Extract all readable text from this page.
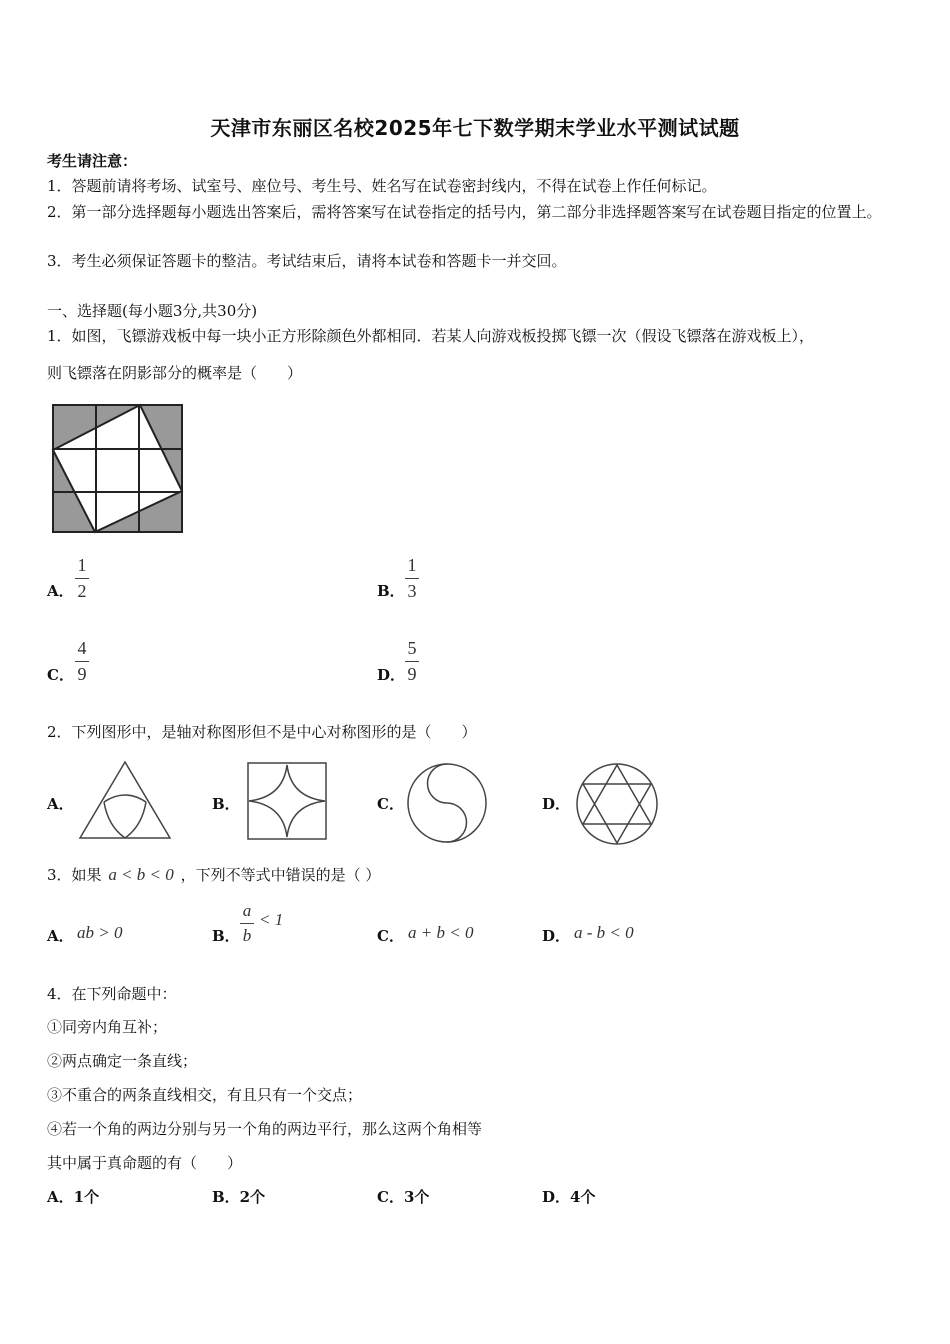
天津市东丽区名校2025年七下数学期末学业水平测试试题
考生请注意：
1．答题前请将考场、试室号、座位号、考生号、姓名写在试卷密封线内，不得在试卷上作任何标记。
2．第一部分选择题每小题选出答案后，需将答案写在试卷指定的括号内，第二部分非选择题答案写在试卷题目指定的位置上。
3．考生必须保证答题卡的整洁。考试结束后，请将本试卷和答题卡一并交回。
一、选择题(每小题3分,共30分)
1．如图，飞镖游戏板中每一块小正方形除颜色外都相同．若某人向游戏板投掷飞镖一次（假设飞镖落在游戏板上），
则飞镖落在阴影部分的概率是（　　）
A．
1
2	B．
1
3
C．
4
9	D．
5
9
2．下列图形中，是轴对称图形但不是中心对称图形的是（　　）
A．	B．	C．	D．
3．如果 a < b < 0 ，下列不等式中错误的是（ ）
A． ab > 0	B．
a
b
< 1
C． a + b < 0	D． a - b < 0
4．在下列命题中：
①同旁内角互补；
②两点确定一条直线；
③不重合的两条直线相交，有且只有一个交点；
④若一个角的两边分别与另一个角的两边平行，那么这两个角相等
其中属于真命题的有（　　）
A．1个	B．2个	C．3个	D．4个
